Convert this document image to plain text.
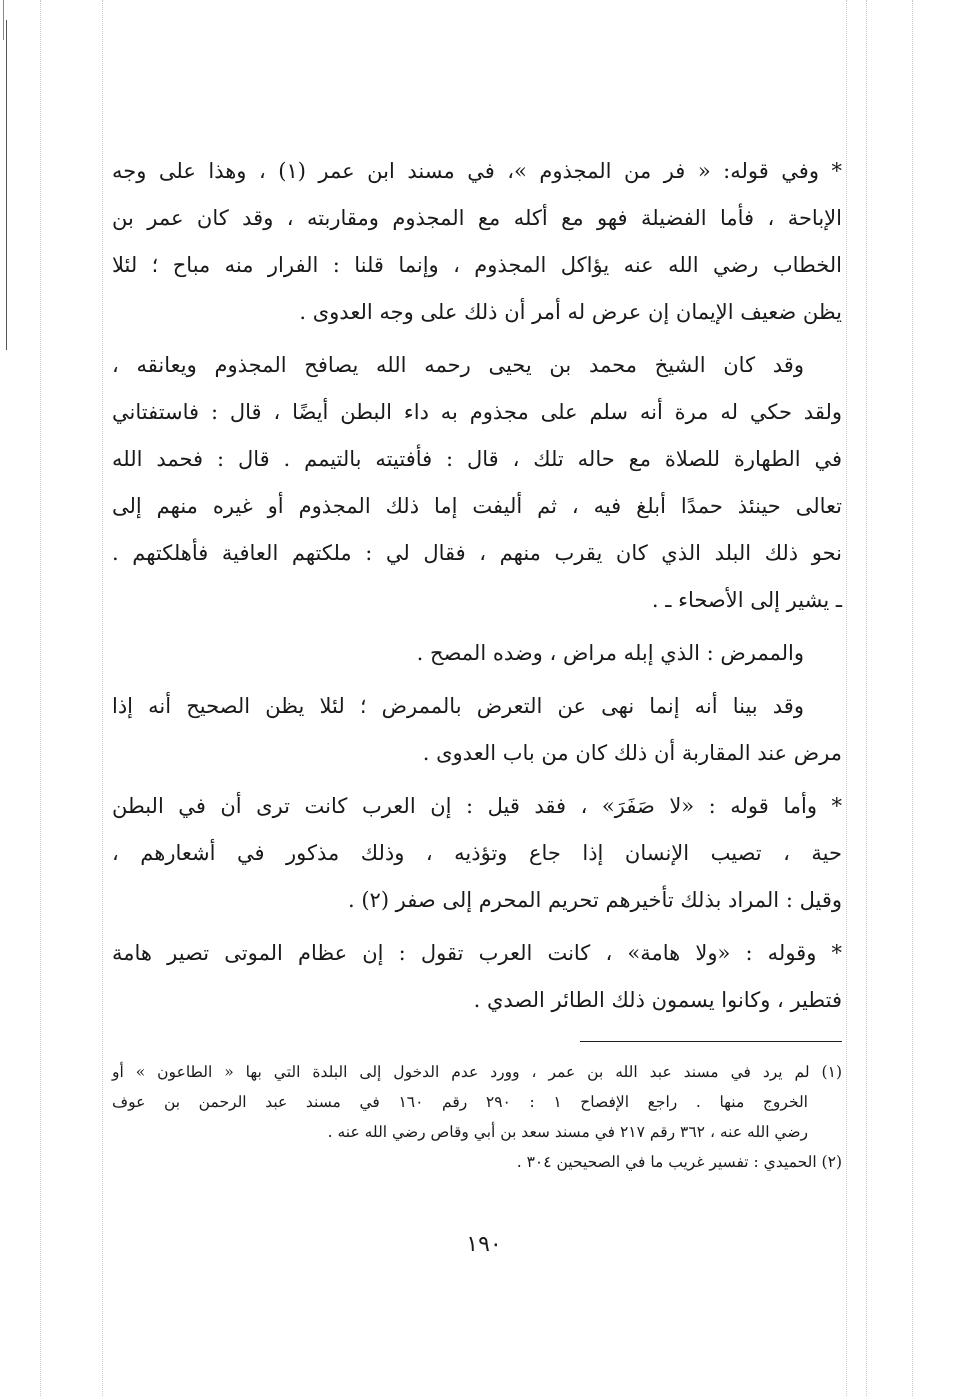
* وفي قوله: « فر من المجذوم »، في مسند ابن عمر (١) ، وهذا على وجه
الإباحة ، فأما الفضيلة فهو مع أكله مع المجذوم ومقاربته ، وقد كان عمر بن
الخطاب رضي الله عنه يؤاكل المجذوم ، وإنما قلنا : الفرار منه مباح ؛ لئلا
يظن ضعيف الإيمان إن عرض له أمر أن ذلك على وجه العدوى .

وقد كان الشيخ محمد بن يحيى رحمه الله يصافح المجذوم ويعانقه ،
ولقد حكي له مرة أنه سلم على مجذوم به داء البطن أيضًا ، قال : فاستفتاني
في الطهارة للصلاة مع حاله تلك ، قال : فأفتيته بالتيمم . قال : فحمد الله
تعالى حينئذ حمدًا أبلغ فيه ، ثم أليفت إما ذلك المجذوم أو غيره منهم إلى
نحو ذلك البلد الذي كان يقرب منهم ، فقال لي : ملكتهم العافية فأهلكتهم .
ـ يشير إلى الأصحاء ـ .

والممرض : الذي إبله مراض ، وضده المصح .

وقد بينا أنه إنما نهى عن التعرض بالممرض ؛ لئلا يظن الصحيح أنه إذا
مرض عند المقاربة أن ذلك كان من باب العدوى .

* وأما قوله : «لا صَفَرَ» ، فقد قيل : إن العرب كانت ترى أن في البطن
حية ، تصيب الإنسان إذا جاع وتؤذيه ، وذلك مذكور في أشعارهم ،
وقيل : المراد بذلك تأخيرهم تحريم المحرم إلى صفر (٢) .

* وقوله : «ولا هامة» ، كانت العرب تقول : إن عظام الموتى تصير هامة
فتطير ، وكانوا يسمون ذلك الطائر الصدي .

(١) لم يرد في مسند عبد الله بن عمر ، وورد عدم الدخول إلى البلدة التي بها « الطاعون » أو
الخروج منها . راجع الإفصاح ١ : ٢٩٠ رقم ١٦٠ في مسند عبد الرحمن بن عوف
رضي الله عنه ، ٣٦٢ رقم ٢١٧ في مسند سعد بن أبي وقاص رضي الله عنه .
(٢) الحميدي : تفسير غريب ما في الصحيحين ٣٠٤ .
١٩٠
